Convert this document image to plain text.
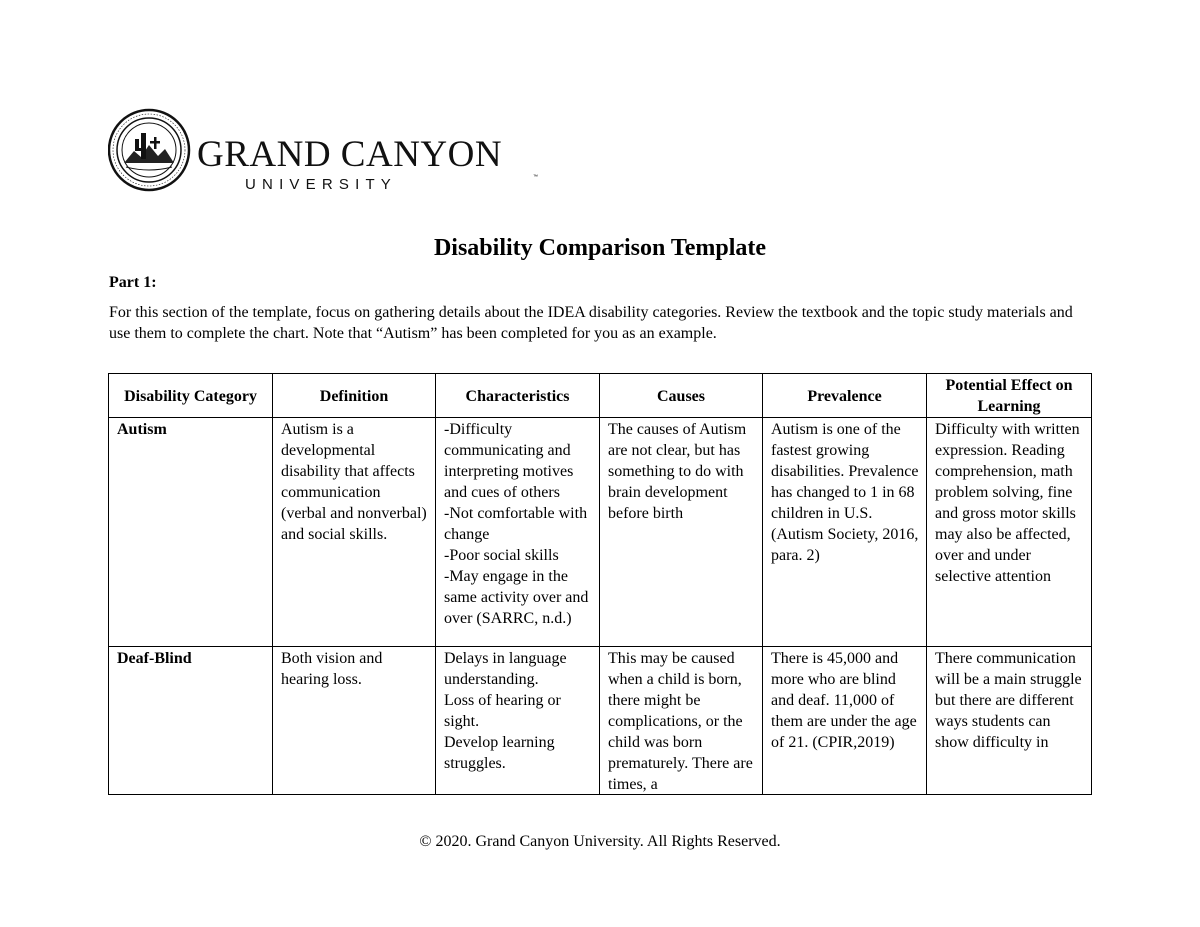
GRAND CANYON
UNIVERSITY	™
Disability Comparison Template
Part 1:
For this section of the template, focus on gathering details about the IDEA disability categories. Review the textbook and the topic study materials and use them to complete the chart. Note that “Autism” has been completed for you as an example.
Disability Category	Definition	Characteristics	Causes	Prevalence	Potential Effect on Learning
Autism	Autism is a developmental disability that affects communication (verbal and nonverbal) and social skills.	-Difficulty communicating and interpreting motives and cues of others
-Not comfortable with change
-Poor social skills
-May engage in the same activity over and over (SARRC, n.d.)	The causes of Autism are not clear, but has something to do with brain development before birth	Autism is one of the fastest growing disabilities. Prevalence has changed to 1 in 68 children in U.S. (Autism Society, 2016, para. 2)	Difficulty with written expression. Reading comprehension, math problem solving, fine and gross motor skills may also be affected, over and under selective attention
Deaf-Blind	Both vision and hearing loss.	Delays in language understanding.
Loss of hearing or sight.
Develop learning struggles.	This may be caused when a child is born, there might be complications, or the child was born prematurely. There are times, a	There is 45,000 and more who are blind and deaf. 11,000 of them are under the age of 21. (CPIR,2019)	There communication will be a main struggle but there are different ways students can show difficulty in
© 2020. Grand Canyon University. All Rights Reserved.
